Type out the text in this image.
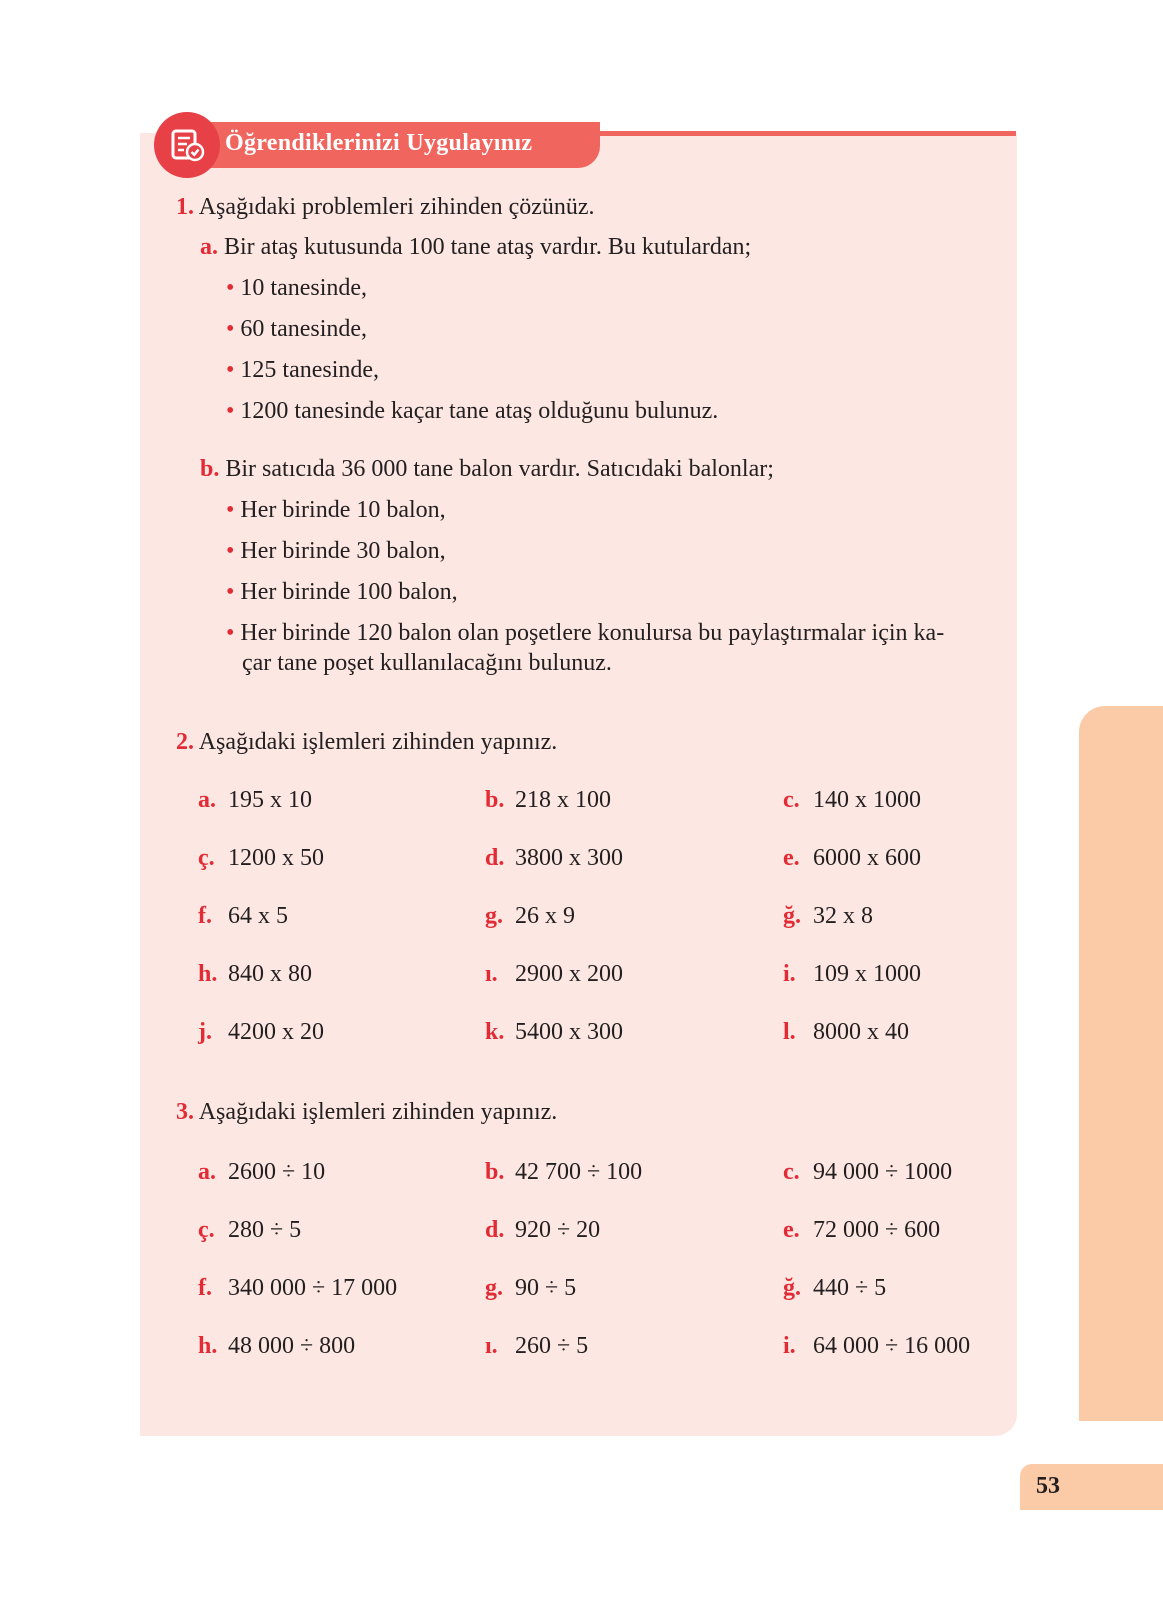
Öğrendiklerinizi Uygulayınız
53
1. Aşağıdaki problemleri zihinden çözünüz.
a. Bir ataş kutusunda 100 tane ataş vardır. Bu kutulardan;
• 10 tanesinde,
• 60 tanesinde,
• 125 tanesinde,
• 1200 tanesinde kaçar tane ataş olduğunu bulunuz.
b. Bir satıcıda 36 000 tane balon vardır. Satıcıdaki balonlar;
• Her birinde 10 balon,
• Her birinde 30 balon,
• Her birinde 100 balon,
• Her birinde 120 balon olan poşetlere konulursa bu paylaştırmalar için ka-
çar tane poşet kullanılacağını bulunuz.
2. Aşağıdaki işlemleri zihinden yapınız.
a. 195 x 10	b. 218 x 100	c. 140 x 1000
ç. 1200 x 50	d. 3800 x 300	e. 6000 x 600
f. 64 x 5	g. 26 x 9	ğ. 32 x 8
h. 840 x 80	ı. 2900 x 200	i. 109 x 1000
j. 4200 x 20	k. 5400 x 300	l. 8000 x 40
3. Aşağıdaki işlemleri zihinden yapınız.
a. 2600 ÷ 10	b. 42 700 ÷ 100	c. 94 000 ÷ 1000
ç. 280 ÷ 5	d. 920 ÷ 20	e. 72 000 ÷ 600
f. 340 000 ÷ 17 000	g. 90 ÷ 5	ğ. 440 ÷ 5
h. 48 000 ÷ 800	ı. 260 ÷ 5	i. 64 000 ÷ 16 000
